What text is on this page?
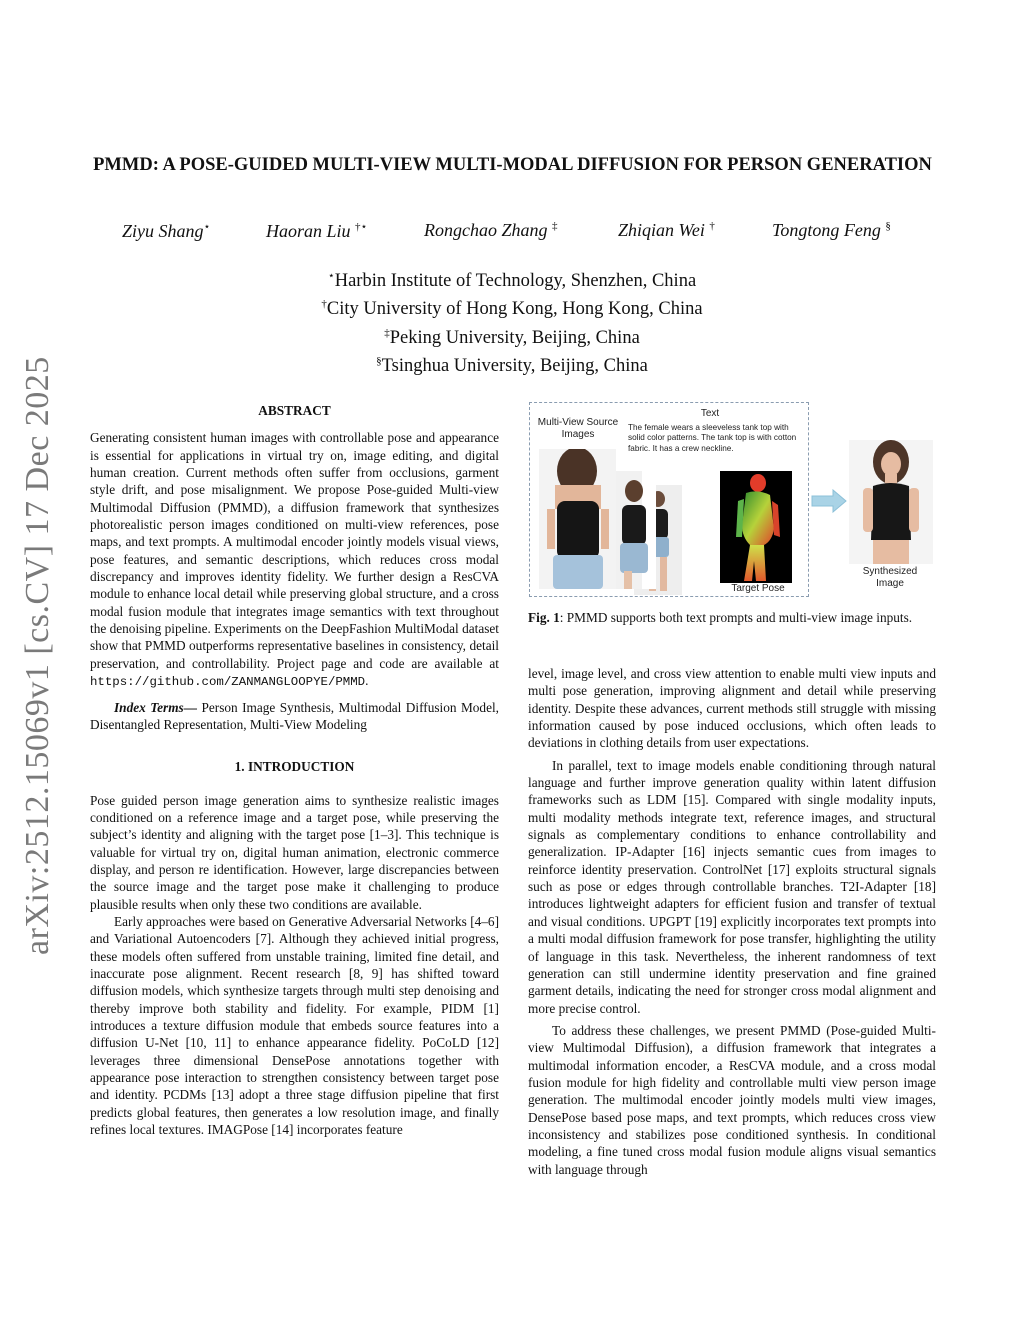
arXiv:2512.15069v1 [cs.CV] 17 Dec 2025
PMMD: A POSE-GUIDED MULTI-VIEW MULTI-MODAL DIFFUSION FOR PERSON GENERATION
Ziyu Shang⋆	Haoran Liu †⋆	Rongchao Zhang ‡	Zhiqian Wei †	Tongtong Feng §
⋆Harbin Institute of Technology, Shenzhen, China
†City University of Hong Kong, Hong Kong, China
‡Peking University, Beijing, China
§Tsinghua University, Beijing, China
ABSTRACT

Generating consistent human images with controllable pose and appearance is essential for applications in virtual try on, image editing, and digital human creation. Current methods often suffer from occlusions, garment style drift, and pose misalignment. We propose Pose-guided Multi-view Multimodal Diffusion (PMMD), a diffusion framework that synthesizes photorealistic person images conditioned on multi-view references, pose maps, and text prompts. A multimodal encoder jointly models visual views, pose features, and semantic descriptions, which reduces cross modal discrepancy and improves identity fidelity. We further design a ResCVA module to enhance local detail while preserving global structure, and a cross modal fusion module that integrates image semantics with text throughout the denoising pipeline. Experiments on the DeepFashion MultiModal dataset show that PMMD outperforms representative baselines in consistency, detail preservation, and controllability. Project page and code are available at https://github.com/ZANMANGLOOPYE/PMMD.

Index Terms— Person Image Synthesis, Multimodal Diffusion Model, Disentangled Representation, Multi-View Modeling

1. INTRODUCTION

Pose guided person image generation aims to synthesize realistic images conditioned on a reference image and a target pose, while preserving the subject’s identity and aligning with the target pose [1–3]. This technique is valuable for virtual try on, digital human animation, electronic commerce display, and person re identification. However, large discrepancies between the source image and the target pose make it challenging to produce plausible results when only these two conditions are available.

Early approaches were based on Generative Adversarial Networks [4–6] and Variational Autoencoders [7]. Although they achieved initial progress, these models often suffered from unstable training, limited fine detail, and inaccurate pose alignment. Recent research [8, 9] has shifted toward diffusion models, which synthesize targets through multi step denoising and thereby improve both stability and fidelity. For example, PIDM [1] introduces a texture diffusion module that embeds source features into a diffusion U-Net [10, 11] to enhance appearance fidelity. PoCoLD [12] leverages three dimensional DensePose annotations together with appearance pose interaction to strengthen consistency between target pose and identity. PCDMs [13] adopt a three stage diffusion pipeline that first predicts global features, then generates a low resolution image, and finally refines local textures. IMAGPose [14] incorporates feature

Multi-View Source Images
Text
The female wears a sleeveless tank top with solid color patterns. The tank top is with cotton fabric. It has a crew neckline.
Target Pose
Synthesized Image
Fig. 1: PMMD supports both text prompts and multi-view image inputs.

level, image level, and cross view attention to enable multi view inputs and multi pose generation, improving alignment and detail while preserving identity. Despite these advances, current methods still struggle with missing information caused by pose induced occlusions, which often leads to deviations in clothing details from user expectations.

In parallel, text to image models enable conditioning through natural language and further improve generation quality within latent diffusion frameworks such as LDM [15]. Compared with single modality inputs, multi modality methods integrate text, reference images, and structural signals as complementary conditions to enhance controllability and generalization. IP-Adapter [16] injects semantic cues from images to reinforce identity preservation. ControlNet [17] exploits structural signals such as pose or edges through controllable branches. T2I-Adapter [18] introduces lightweight adapters for efficient fusion and transfer of textual and visual conditions. UPGPT [19] explicitly incorporates text prompts into a multi modal diffusion framework for pose transfer, highlighting the utility of language in this task. Nevertheless, the inherent randomness of text generation can still undermine identity preservation and fine grained garment details, indicating the need for stronger cross modal alignment and more precise control.

To address these challenges, we present PMMD (Pose-guided Multi-view Multimodal Diffusion), a diffusion framework that integrates a multimodal information encoder, a ResCVA module, and a cross modal fusion module for high fidelity and controllable multi view person image generation. The multimodal encoder jointly models multi view images, DensePose based pose maps, and text prompts, which reduces cross view inconsistency and stabilizes pose conditioned synthesis. In conditional modeling, a fine tuned cross modal fusion module aligns visual semantics with language through
